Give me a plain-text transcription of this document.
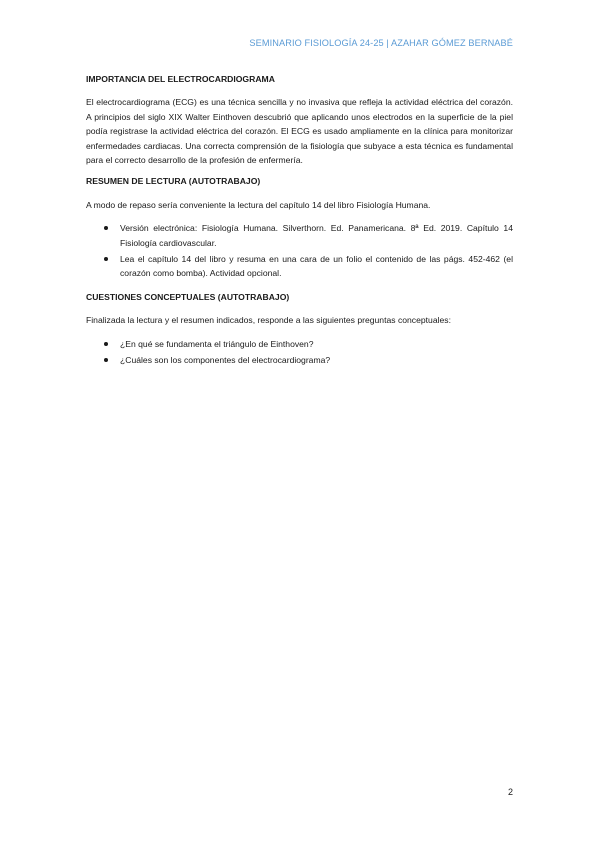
SEMINARIO FISIOLOGÍA 24-25 | AZAHAR GÓMEZ BERNABÉ
IMPORTANCIA DEL ELECTROCARDIOGRAMA
El electrocardiograma (ECG) es una técnica sencilla y no invasiva que refleja la actividad eléctrica del corazón. A principios del siglo XIX Walter Einthoven descubrió que aplicando unos electrodos en la superficie de la piel podía registrase la actividad eléctrica del corazón. El ECG es usado ampliamente en la clínica para monitorizar enfermedades cardiacas. Una correcta comprensión de la fisiología que subyace a esta técnica es fundamental para el correcto desarrollo de la profesión de enfermería.
RESUMEN DE LECTURA (AUTOTRABAJO)
A modo de repaso sería conveniente la lectura del capítulo 14 del libro Fisiología Humana.
Versión electrónica: Fisiología Humana. Silverthorn. Ed. Panamericana. 8ª Ed. 2019. Capítulo 14 Fisiología cardiovascular.
Lea el capítulo 14 del libro y resuma en una cara de un folio el contenido de las págs. 452-462 (el corazón como bomba). Actividad opcional.
CUESTIONES CONCEPTUALES (AUTOTRABAJO)
Finalizada la lectura y el resumen indicados, responde a las siguientes preguntas conceptuales:
¿En qué se fundamenta el triángulo de Einthoven?
¿Cuáles son los componentes del electrocardiograma?
2
